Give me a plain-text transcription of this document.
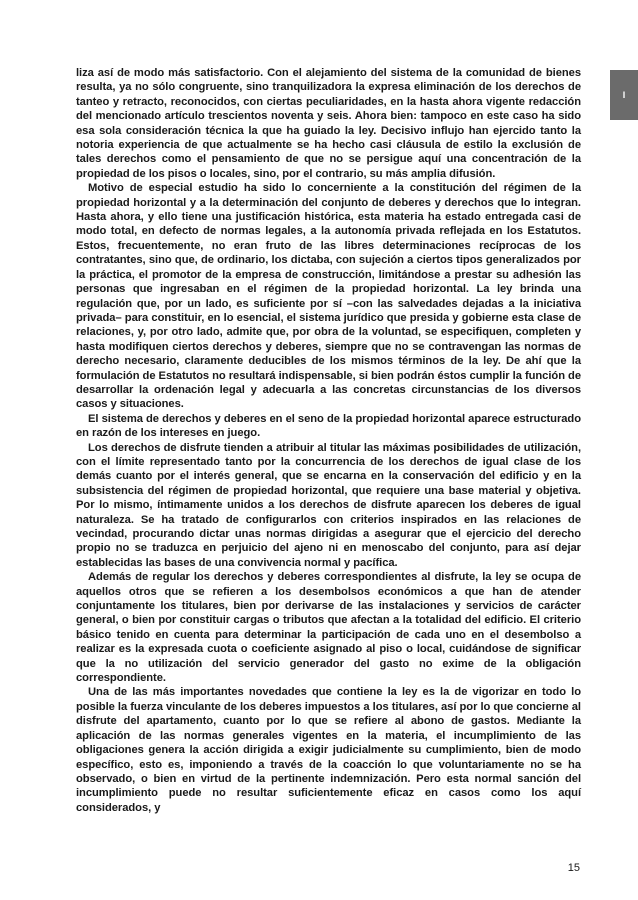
I

liza así de modo más satisfactorio. Con el alejamiento del sistema de la comunidad de bienes resulta, ya no sólo congruente, sino tranquilizadora la expresa eliminación de los derechos de tanteo y retracto, reconocidos, con ciertas peculiaridades, en la hasta ahora vigente redacción del mencionado artículo trescientos noventa y seis. Ahora bien: tampoco en este caso ha sido esa sola consideración técnica la que ha guiado la ley. Decisivo influjo han ejercido tanto la notoria experiencia de que actualmente se ha hecho casi cláusula de estilo la exclusión de tales derechos como el pensamiento de que no se persigue aquí una concentración de la propiedad de los pisos o locales, sino, por el contrario, su más amplia difusión.

Motivo de especial estudio ha sido lo concerniente a la constitución del régimen de la propiedad horizontal y a la determinación del conjunto de deberes y derechos que lo integran. Hasta ahora, y ello tiene una justificación histórica, esta materia ha estado entregada casi de modo total, en defecto de normas legales, a la autonomía privada reflejada en los Estatutos. Estos, frecuentemente, no eran fruto de las libres determinaciones recíprocas de los contratantes, sino que, de ordinario, los dictaba, con sujeción a ciertos tipos generalizados por la práctica, el promotor de la empresa de construcción, limitándose a prestar su adhesión las personas que ingresaban en el régimen de la propiedad horizontal. La ley brinda una regulación que, por un lado, es suficiente por sí –con las salvedades dejadas a la iniciativa privada– para constituir, en lo esencial, el sistema jurídico que presida y gobierne esta clase de relaciones, y, por otro lado, admite que, por obra de la voluntad, se especifiquen, completen y hasta modifiquen ciertos derechos y deberes, siempre que no se contravengan las normas de derecho necesario, claramente deducibles de los mismos términos de la ley. De ahí que la formulación de Estatutos no resultará indispensable, si bien podrán éstos cumplir la función de desarrollar la ordenación legal y adecuarla a las concretas circunstancias de los diversos casos y situaciones.

El sistema de derechos y deberes en el seno de la propiedad horizontal aparece estructurado en razón de los intereses en juego.

Los derechos de disfrute tienden a atribuir al titular las máximas posibilidades de utilización, con el límite representado tanto por la concurrencia de los derechos de igual clase de los demás cuanto por el interés general, que se encarna en la conservación del edificio y en la subsistencia del régimen de propiedad horizontal, que requiere una base material y objetiva. Por lo mismo, íntimamente unidos a los derechos de disfrute aparecen los deberes de igual naturaleza. Se ha tratado de configurarlos con criterios inspirados en las relaciones de vecindad, procurando dictar unas normas dirigidas a asegurar que el ejercicio del derecho propio no se traduzca en perjuicio del ajeno ni en menoscabo del conjunto, para así dejar establecidas las bases de una convivencia normal y pacífica.

Además de regular los derechos y deberes correspondientes al disfrute, la ley se ocupa de aquellos otros que se refieren a los desembolsos económicos a que han de atender conjuntamente los titulares, bien por derivarse de las instalaciones y servicios de carácter general, o bien por constituir cargas o tributos que afectan a la totalidad del edificio. El criterio básico tenido en cuenta para determinar la participación de cada uno en el desembolso a realizar es la expresada cuota o coeficiente asignado al piso o local, cuidándose de significar que la no utilización del servicio generador del gasto no exime de la obligación correspondiente.

Una de las más importantes novedades que contiene la ley es la de vigorizar en todo lo posible la fuerza vinculante de los deberes impuestos a los titulares, así por lo que concierne al disfrute del apartamento, cuanto por lo que se refiere al abono de gastos. Mediante la aplicación de las normas generales vigentes en la materia, el incumplimiento de las obligaciones genera la acción dirigida a exigir judicialmente su cumplimiento, bien de modo específico, esto es, imponiendo a través de la coacción lo que voluntariamente no se ha observado, o bien en virtud de la pertinente indemnización. Pero esta normal sanción del incumplimiento puede no resultar suficientemente eficaz en casos como los aquí considerados, y

15
